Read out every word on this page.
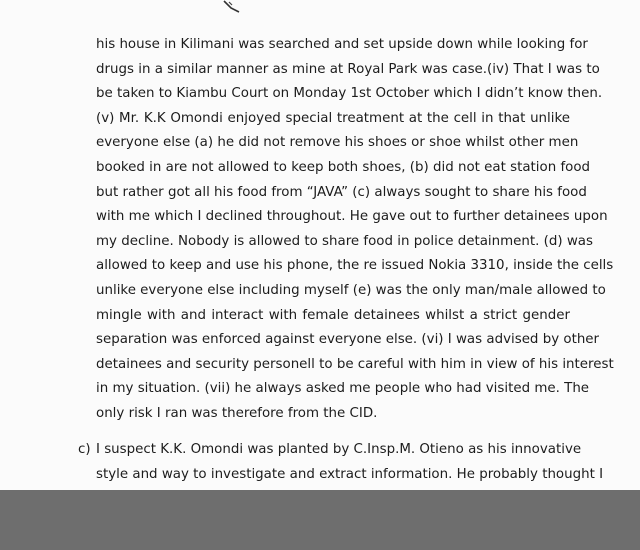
his house in Kilimani was searched and set upside down while looking for
drugs in a similar manner as mine at Royal Park was case.(iv) That I was to
be taken to Kiambu Court on Monday 1st October which I didn’t know then.
(v) Mr. K.K Omondi enjoyed special treatment at the cell in that unlike
everyone else (a) he did not remove his shoes or shoe whilst other men
booked in are not allowed to keep both shoes, (b) did not eat station food
but rather got all his food from “JAVA” (c) always sought to share his food
with me which I declined throughout. He gave out to further detainees upon
my decline. Nobody is allowed to share food in police detainment. (d) was
allowed to keep and use his phone, the re issued Nokia 3310, inside the cells
unlike everyone else including myself (e) was the only man/male allowed to
mingle with and interact with female detainees whilst a strict gender
separation was enforced against everyone else. (vi) I was advised by other
detainees and security personell to be careful with him in view of his interest
in my situation. (vii) he always asked me people who had visited me. The
only risk I ran was therefore from the CID.
c) I suspect K.K. Omondi was planted by C.Insp.M. Otieno as his innovative
style and way to investigate and extract information. He probably thought I
